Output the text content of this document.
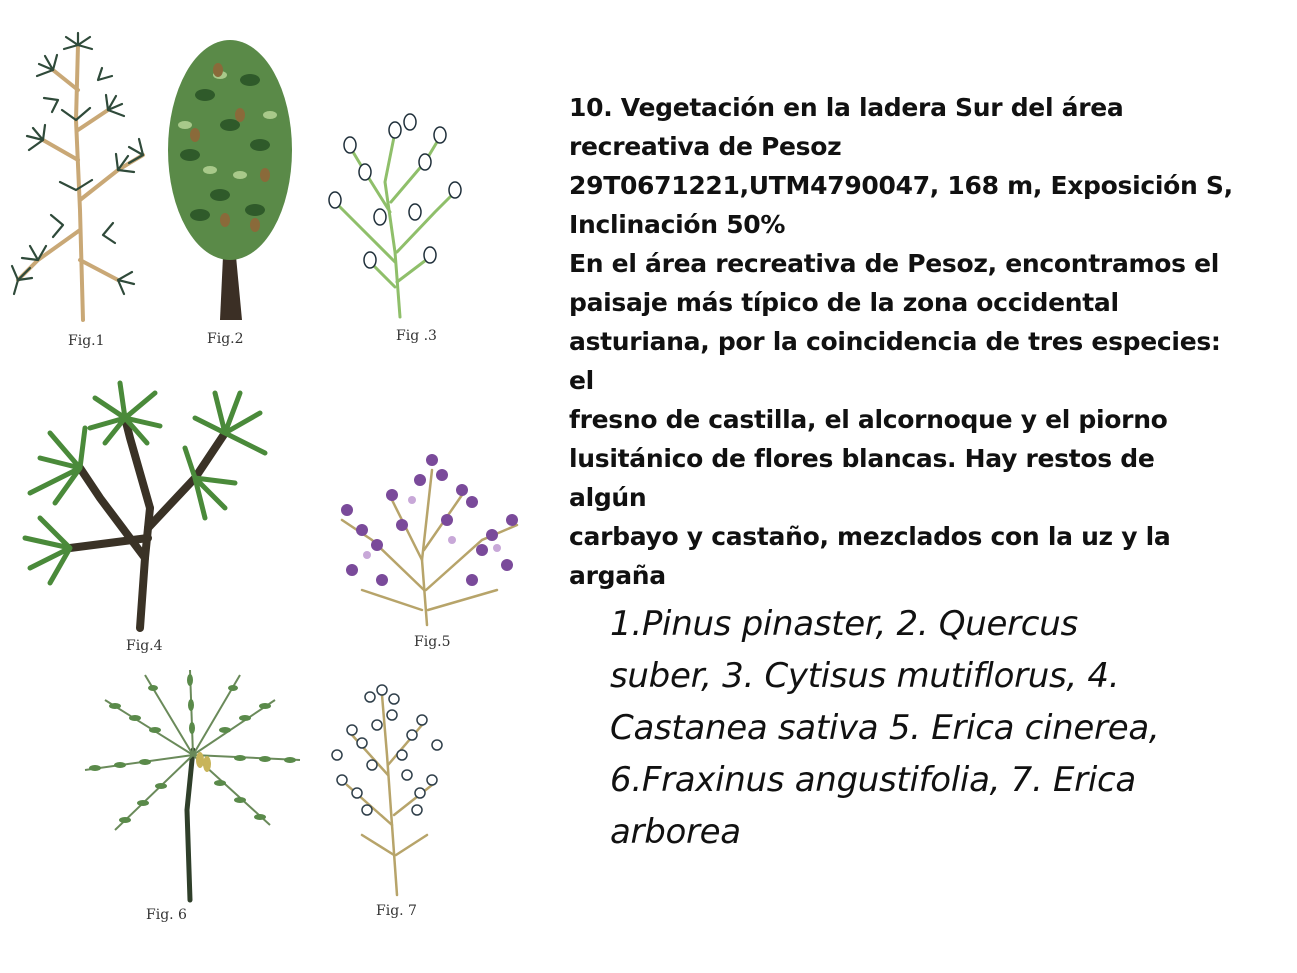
Fig.1	Fig.2	Fig .3
Fig.4	Fig.5
Fig. 6	Fig. 7

10. Vegetación en la ladera Sur del área

recreativa de Pesoz

29T0671221,UTM4790047, 168 m, Exposición S,

Inclinación 50%

En el área recreativa de Pesoz, encontramos el

paisaje más típico de la zona occidental

asturiana, por la coincidencia de tres especies: el

fresno de castilla, el alcornoque y el piorno

lusitánico de flores blancas. Hay restos de algún

carbayo y castaño, mezclados con la uz y la

argaña

1.Pinus pinaster, 2. Quercus
suber, 3. Cytisus mutiflorus, 4.
Castanea sativa 5. Erica cinerea,
6.Fraxinus angustifolia, 7. Erica
arborea
